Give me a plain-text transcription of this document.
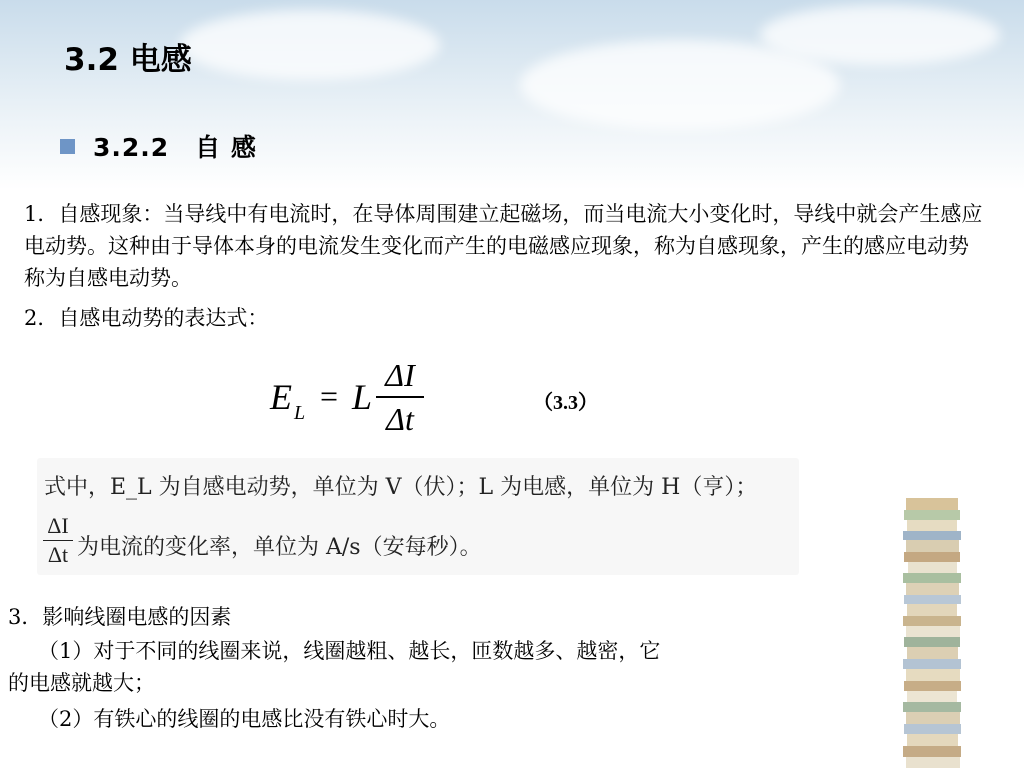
3.2 电感
3.2.2　自 感
1．自感现象：当导线中有电流时，在导体周围建立起磁场，而当电流大小变化时，导线中就会产生感应电动势。这种由于导体本身的电流发生变化而产生的电磁感应现象，称为自感现象，产生的感应电动势称为自感电动势。
2．自感电动势的表达式：
E L = L
ΔI
Δt	（3.3）
式中，E_L 为自感电动势，单位为 V（伏）；L 为电感，单位为 H（亨）；
ΔI
Δt 为电流的变化率，单位为 A/s（安每秒）。
3．影响线圈电感的因素
（1）对于不同的线圈来说，线圈越粗、越长，匝数越多、越密，它
的电感就越大；
（2）有铁心的线圈的电感比没有铁心时大。
